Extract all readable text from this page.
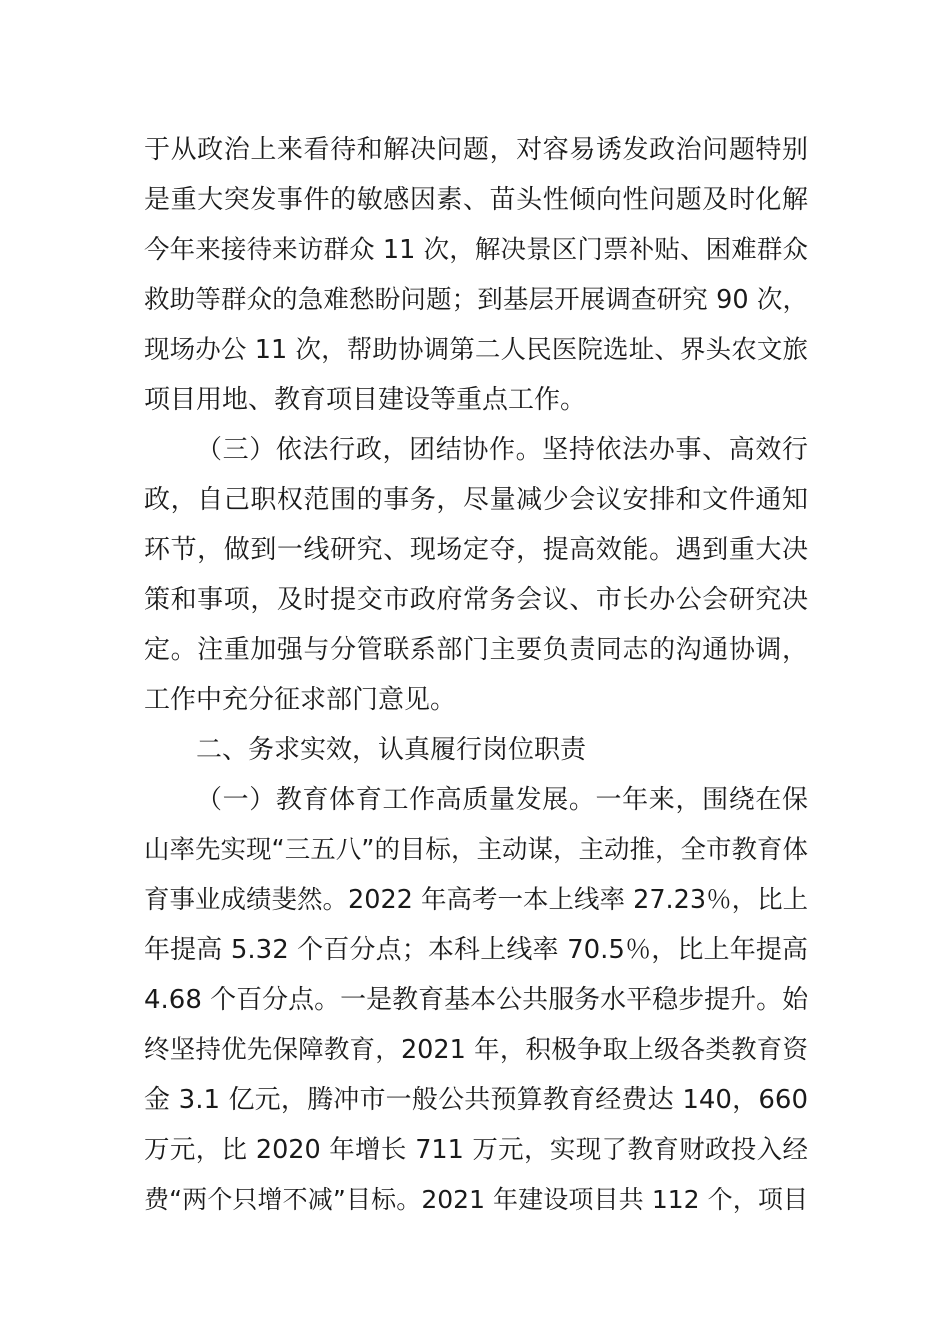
于从政治上来看待和解决问题，对容易诱发政治问题特别
是重大突发事件的敏感因素、苗头性倾向性问题及时化解
今年来接待来访群众 11 次，解决景区门票补贴、困难群众
救助等群众的急难愁盼问题；到基层开展调查研究 90 次，
现场办公 11 次，帮助协调第二人民医院选址、界头农文旅
项目用地、教育项目建设等重点工作。
（三）依法行政，团结协作。坚持依法办事、高效行
政，自己职权范围的事务，尽量减少会议安排和文件通知
环节，做到一线研究、现场定夺，提高效能。遇到重大决
策和事项，及时提交市政府常务会议、市长办公会研究决
定。注重加强与分管联系部门主要负责同志的沟通协调，
工作中充分征求部门意见。
二、务求实效，认真履行岗位职责
（一）教育体育工作高质量发展。一年来，围绕在保
山率先实现“三五八”的目标，主动谋，主动推，全市教育体
育事业成绩斐然。2022 年高考一本上线率 27.23％，比上
年提高 5.32 个百分点；本科上线率 70.5％，比上年提高
4.68 个百分点。一是教育基本公共服务水平稳步提升。始
终坚持优先保障教育，2021 年，积极争取上级各类教育资
金 3.1 亿元，腾冲市一般公共预算教育经费达 140，660
万元，比 2020 年增长 711 万元，实现了教育财政投入经
费“两个只增不减”目标。2021 年建设项目共 112 个，项目
